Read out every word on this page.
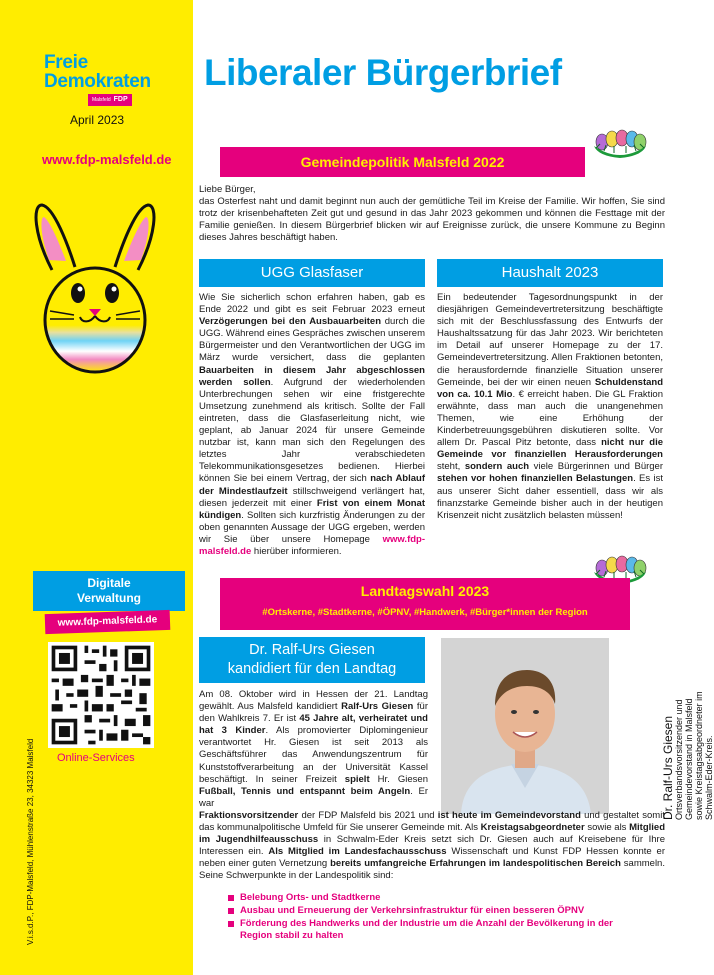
Freie
Demokraten
Malsfeld FDP
April 2023
www.fdp-malsfeld.de
Digitale
Verwaltung
www.fdp-malsfeld.de
Online-Services
V.i.s.d.P., FDP-Malsfeld, Mühlenstraße 23, 34323 Malsfeld
Liberaler Bürgerbrief
Gemeindepolitik Malsfeld 2022
Liebe Bürger,
das Osterfest naht und damit beginnt nun auch der gemütliche Teil im Kreise der Familie. Wir hoffen, Sie sind trotz der krisenbehafteten Zeit gut und gesund in das Jahr 2023 gekommen und können die Festtage mit der Familie genießen. In diesem Bürgerbrief blicken wir auf Ereignisse zurück, die unsere Kommune zu Beginn dieses Jahres beschäftigt haben.
UGG Glasfaser
Wie Sie sicherlich schon erfahren haben, gab es Ende 2022 und gibt es seit Februar 2023 erneut Verzögerungen bei den Ausbauarbeiten durch die UGG. Während eines Gespräches zwischen unserem Bürgermeister und den Verantwortlichen der UGG im März wurde versichert, dass die geplanten Bauarbeiten in diesem Jahr abgeschlossen werden sollen. Aufgrund der wiederholenden Unterbrechungen sehen wir eine fristgerechte Umsetzung zunehmend als kritisch. Sollte der Fall eintreten, dass die Glasfaserleitung nicht, wie geplant, ab Januar 2024 für unsere Gemeinde nutzbar ist, kann man sich den Regelungen des letztes Jahr verabschiedeten Telekommunikationsgesetzes bedienen. Hierbei können Sie bei einem Vertrag, der sich nach Ablauf der Mindestlaufzeit stillschweigend verlängert hat, diesen jederzeit mit einer Frist von einem Monat kündigen. Sollten sich kurzfristig Änderungen zu der oben genannten Aussage der UGG ergeben, werden wir Sie über unsere Homepage www.fdp-malsfeld.de hierüber informieren.
Haushalt 2023
Ein bedeutender Tagesordnungspunkt in der diesjährigen Gemeindevertretersitzung beschäftigte sich mit der Beschlussfassung des Entwurfs der Haushaltssatzung für das Jahr 2023. Wir berichteten im Detail auf unserer Homepage zu der 17. Gemeindevertretersitzung. Allen Fraktionen betonten, die herausfordernde finanzielle Situation unserer Gemeinde, bei der wir einen neuen Schuldenstand von ca. 10.1 Mio. € erreicht haben. Die GL Fraktion erwähnte, dass man auch die unangenehmen Themen, wie eine Erhöhung der Kinderbetreuungsgebühren diskutieren sollte. Vor allem Dr. Pascal Pitz betonte, dass nicht nur die Gemeinde vor finanziellen Herausforderungen steht, sondern auch viele Bürgerinnen und Bürger stehen vor hohen finanziellen Belastungen. Es ist aus unserer Sicht daher essentiell, dass wir als finanzstarke Gemeinde bisher auch in der heutigen Krisenzeit nicht zusätzlich belasten müssen!
Landtagswahl 2023
#Ortskerne, #Stadtkerne, #ÖPNV, #Handwerk, #Bürger*innen der Region
Dr. Ralf-Urs Giesen
kandidiert für den Landtag
Dr. Ralf-Urs Giesen Ortsverbandsvorsitzender und Gemeindevorstand in Malsfeld sowie Kreistagsabgeordneter im Schwalm-Eder-Kreis.
Am 08. Oktober wird in Hessen der 21. Landtag gewählt. Aus Malsfeld kandidiert Ralf-Urs Giesen für den Wahlkreis 7. Er ist 45 Jahre alt, verheiratet und hat 3 Kinder. Als promovierter Diplomingenieur verantwortet Hr. Giesen ist seit 2013 als Geschäftsführer das Anwendungszentrum für Kunststoffverarbeitung an der Universität Kassel beschäftigt. In seiner Freizeit spielt Hr. Giesen Fußball, Tennis und entspannt beim Angeln. Er war
Fraktionsvorsitzender der FDP Malsfeld bis 2021 und ist heute im Gemeindevorstand und gestaltet somit das kommunalpolitische Umfeld für Sie unserer Gemeinde mit. Als Kreistagsabgeordneter sowie als Mitglied im Jugendhilfeausschuss in Schwalm-Eder Kreis setzt sich Dr. Giesen auch auf Kreisebene für Ihre Interessen ein. Als Mitglied im Landesfachausschuss Wissenschaft und Kunst FDP Hessen konnte er neben einer guten Vernetzung bereits umfangreiche Erfahrungen im landespolitischen Bereich sammeln. Seine Schwerpunkte in der Landespolitik sind:
Belebung Orts- und Stadtkerne
Ausbau und Erneuerung der Verkehrsinfrastruktur für einen besseren ÖPNV
Förderung des Handwerks und der Industrie um die Anzahl der Bevölkerung in der Region stabil zu halten
